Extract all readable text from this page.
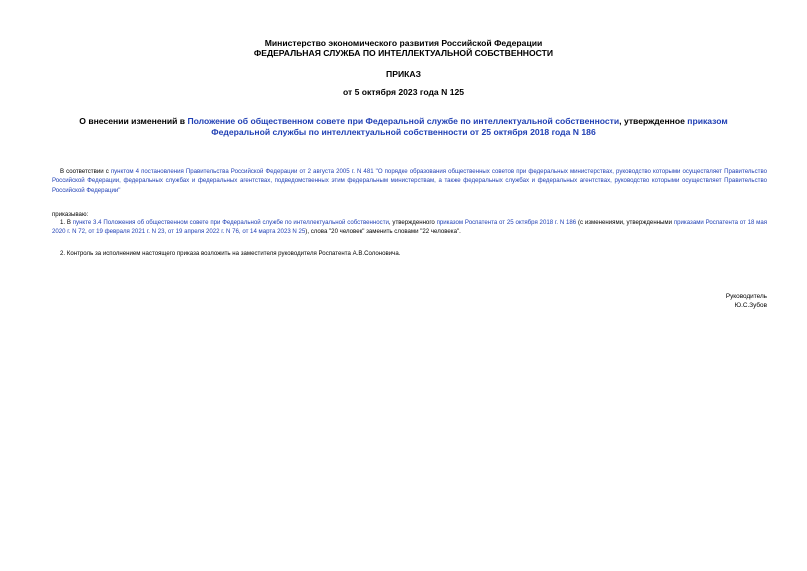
Министерство экономического развития Российской Федерации
ФЕДЕРАЛЬНАЯ СЛУЖБА ПО ИНТЕЛЛЕКТУАЛЬНОЙ СОБСТВЕННОСТИ
ПРИКАЗ
от 5 октября 2023 года N 125
О внесении изменений в Положение об общественном совете при Федеральной службе по интеллектуальной собственности, утвержденное приказом Федеральной службы по интеллектуальной собственности от 25 октября 2018 года N 186
В соответствии с пунктом 4 постановления Правительства Российской Федерации от 2 августа 2005 г. N 481 "О порядке образования общественных советов при федеральных министерствах, руководство которыми осуществляет Правительство Российской Федерации, федеральных службах и федеральных агентствах, подведомственных этим федеральным министерствам, а также федеральных службах и федеральных агентствах, руководство которыми осуществляет Правительство Российской Федерации"
приказываю:
1. В пункте 3.4 Положения об общественном совете при Федеральной службе по интеллектуальной собственности, утвержденного приказом Роспатента от 25 октября 2018 г. N 186 (с изменениями, утвержденными приказами Роспатента от 18 мая 2020 г. N 72, от 19 февраля 2021 г. N 23, от 19 апреля 2022 г. N 76, от 14 марта 2023 N 25), слова "20 человек" заменить словами "22 человека".
2. Контроль за исполнением настоящего приказа возложить на заместителя руководителя Роспатента А.В.Солоновича.
Руководитель
Ю.С.Зубов
